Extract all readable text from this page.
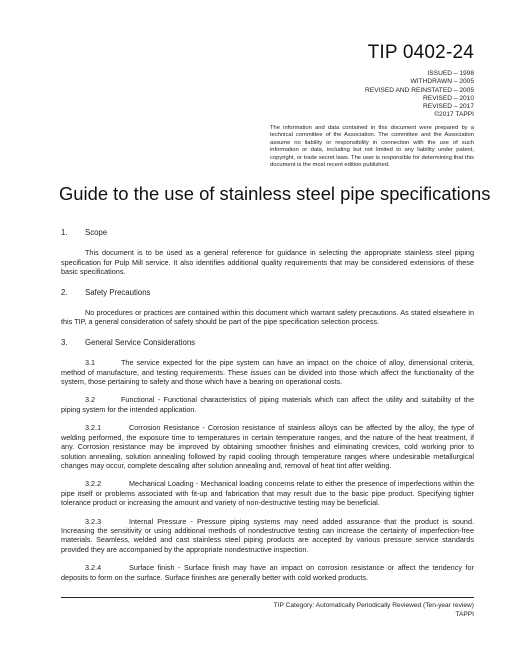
TIP 0402-24
ISSUED – 1998
WITHDRAWN – 2005
REVISED AND REINSTATED – 2005
REVISED – 2010
REVISED – 2017
©2017 TAPPI
The information and data contained in this document were prepared by a technical committee of the Association. The committee and the Association assume no liability or responsibility in connection with the use of such information or data, including but not limited to any liability under patent, copyright, or trade secret laws. The user is responsible for determining that this document is the most recent edition published.
Guide to the use of stainless steel pipe specifications
1.	Scope

This document is to be used as a general reference for guidance in selecting the appropriate stainless steel piping specification for Pulp Mill service. It also identifies additional quality requirements that may be considered extensions of these basic specifications.

2.	Safety Precautions

No procedures or practices are contained within this document which warrant safety precautions. As stated elsewhere in this TIP, a general consideration of safety should be part of the pipe specification selection process.

3.	General Service Considerations

3.1	The service expected for the pipe system can have an impact on the choice of alloy, dimensional criteria, method of manufacture, and testing requirements. These issues can be divided into those which affect the functionality of the system, those pertaining to safety and those which have a bearing on operational costs.

3.2	Functional - Functional characteristics of piping materials which can affect the utility and suitability of the piping system for the intended application.

3.2.1	Corrosion Resistance - Corrosion resistance of stainless alloys can be affected by the alloy, the type of welding performed, the exposure time to temperatures in certain temperature ranges, and the nature of the heat treatment, if any. Corrosion resistance may be improved by obtaining smoother finishes and eliminating crevices, cold working prior to solution annealing, solution annealing followed by rapid cooling through temperature ranges where undesirable metallurgical changes may occur, complete descaling after solution annealing and, removal of heat tint after welding.

3.2.2	Mechanical Loading - Mechanical loading concerns relate to either the presence of imperfections within the pipe itself or problems associated with fit-up and fabrication that may result due to the basic pipe product. Specifying tighter tolerance product or increasing the amount and variety of non-destructive testing may be beneficial.

3.2.3	Internal Pressure - Pressure piping systems may need added assurance that the product is sound. Increasing the sensitivity or using additional methods of nondestructive testing can increase the certainty of imperfection-free materials. Seamless, welded and cast stainless steel piping products are accepted by various pressure service standards provided they are accompanied by the appropriate nondestructive inspection.

3.2.4	Surface finish - Surface finish may have an impact on corrosion resistance or affect the tendency for deposits to form on the surface. Surface finishes are generally better with cold worked products.

TIP Category: Automatically Periodically Reviewed (Ten-year review)
TAPPI
